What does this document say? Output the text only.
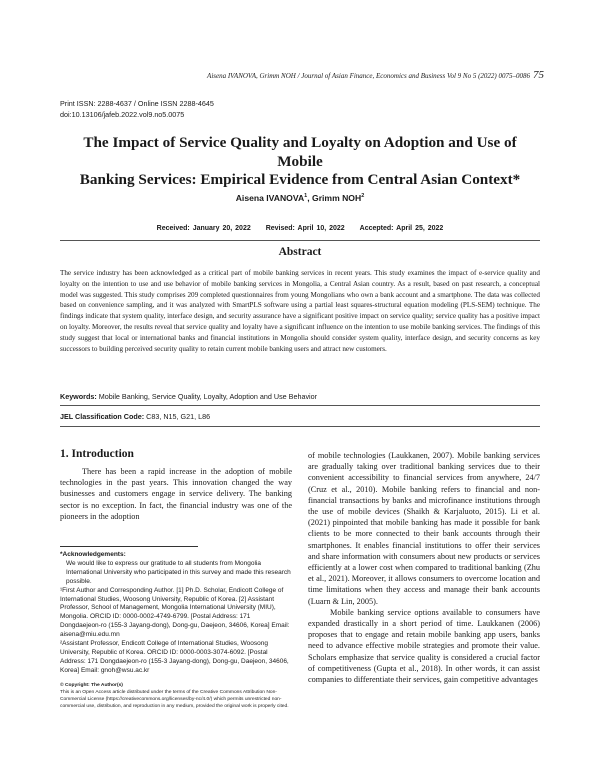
Aisena IVANOVA, Grimm NOH / Journal of Asian Finance, Economics and Business Vol 9 No 5 (2022) 0075–0086 75
Print ISSN: 2288-4637 / Online ISSN 2288-4645
doi:10.13106/jafeb.2022.vol9.no5.0075
The Impact of Service Quality and Loyalty on Adoption and Use of Mobile
Banking Services: Empirical Evidence from Central Asian Context*
Aisena IVANOVA$^1$, Grimm NOH$^2$
Received: January 20, 2022 Revised: April 10, 2022 Accepted: April 25, 2022
Abstract
The service industry has been acknowledged as a critical part of mobile banking services in recent years. This study examines the impact of e-service quality and loyalty on the intention to use and use behavior of mobile banking services in Mongolia, a Central Asian country. As a result, based on past research, a conceptual model was suggested. This study comprises 209 completed questionnaires from young Mongolians who own a bank account and a smartphone. The data was collected based on convenience sampling, and it was analyzed with SmartPLS software using a partial least squares-structural equation modeling (PLS-SEM) technique. The findings indicate that system quality, interface design, and security assurance have a significant positive impact on service quality; service quality has a positive impact on loyalty. Moreover, the results reveal that service quality and loyalty have a significant influence on the intention to use mobile banking services. The findings of this study suggest that local or international banks and financial institutions in Mongolia should consider system quality, interface design, and security concerns as key successors to building perceived security quality to retain current mobile banking users and attract new customers.
Keywords: Mobile Banking, Service Quality, Loyalty, Adoption and Use Behavior
JEL Classification Code: C83, N15, G21, L86
1. Introduction

There has been a rapid increase in the adoption of mobile technologies in the past years. This innovation changed the way businesses and customers engage in service delivery. The banking sector is no exception. In fact, the financial industry was one of the pioneers in the adoption

of mobile technologies (Laukkanen, 2007). Mobile banking services are gradually taking over traditional banking services due to their convenient accessibility to financial services from anywhere, 24/7 (Cruz et al., 2010). Mobile banking refers to financial and non-financial transactions by banks and microfinance institutions through the use of mobile devices (Shaikh & Karjaluoto, 2015). Li et al. (2021) pinpointed that mobile banking has made it possible for bank clients to be more connected to their bank accounts through their smartphones. It enables financial institutions to offer their services and share information with consumers about new products or services efficiently at a lower cost when compared to traditional banking (Zhu et al., 2021). Moreover, it allows consumers to overcome location and time limitations when they access and manage their bank accounts (Luarn & Lin, 2005).

Mobile banking service options available to consumers have expanded drastically in a short period of time. Laukkanen (2006) proposes that to engage and retain mobile banking app users, banks need to advance effective mobile strategies and promote their value. Scholars emphasize that service quality is considered a crucial factor of competitiveness (Gupta et al., 2018). In other words, it can assist companies to differentiate their services, gain competitive advantages

*Acknowledgements:
We would like to express our gratitude to all students from Mongolia International University who participated in this survey and made this research possible.
¹First Author and Corresponding Author. [1] Ph.D. Scholar, Endicott College of International Studies, Woosong University, Republic of Korea. [2] Assistant Professor, School of Management, Mongolia International University (MIU), Mongolia. ORCID ID: 0000-0002-4749-6799. [Postal Address: 171 Dongdaejeon-ro (155-3 Jayang-dong), Dong-gu, Daejeon, 34606, Korea] Email: aisena@miu.edu.mn
²Assistant Professor, Endicott College of International Studies, Woosong University, Republic of Korea. ORCID ID: 0000-0003-3074-6092. [Postal Address: 171 Dongdaejeon-ro (155-3 Jayang-dong), Dong-gu, Daejeon, 34606, Korea] Email: gnoh@wsu.ac.kr
© Copyright: The Author(s)
This is an Open Access article distributed under the terms of the Creative Commons Attribution Non-Commercial License (https://creativecommons.org/licenses/by-nc/4.0/) which permits unrestricted non-commercial use, distribution, and reproduction in any medium, provided the original work is properly cited.
